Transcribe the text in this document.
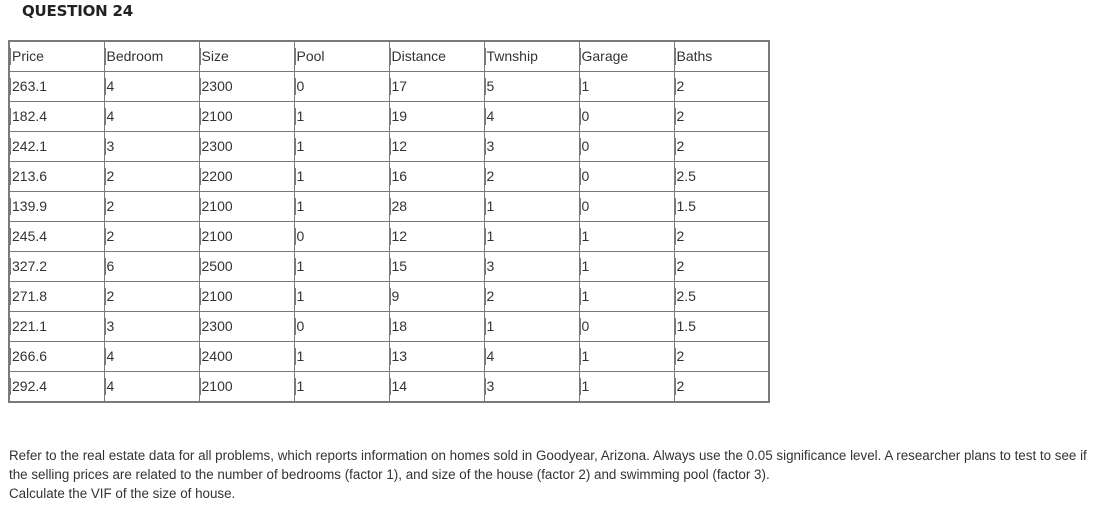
QUESTION 24
Price	Bedroom	Size	Pool	Distance	Twnship	Garage	Baths
263.1	4	2300	0	17	5	1	2
182.4	4	2100	1	19	4	0	2
242.1	3	2300	1	12	3	0	2
213.6	2	2200	1	16	2	0	2.5
139.9	2	2100	1	28	1	0	1.5
245.4	2	2100	0	12	1	1	2
327.2	6	2500	1	15	3	1	2
271.8	2	2100	1	9	2	1	2.5
221.1	3	2300	0	18	1	0	1.5
266.6	4	2400	1	13	4	1	2
292.4	4	2100	1	14	3	1	2
Refer to the real estate data for all problems, which reports information on homes sold in Goodyear, Arizona. Always use the 0.05 significance level. A researcher plans to test to see if the selling prices are related to the number of bedrooms (factor 1), and size of the house (factor 2) and swimming pool (factor 3).
Calculate the VIF of the size of house.
